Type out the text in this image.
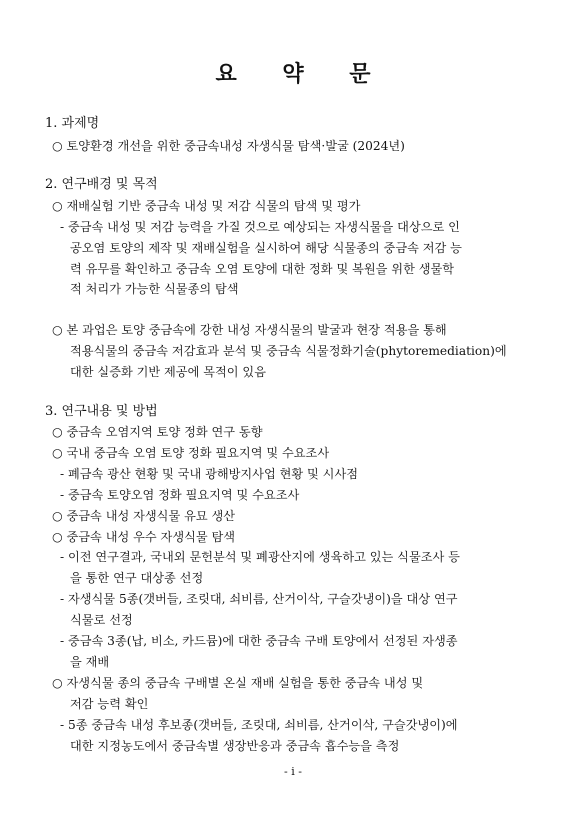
요 약 문
1. 과제명
○ 토양환경 개선을 위한 중금속내성 자생식물 탐색·발굴 (2024년)
2. 연구배경 및 목적
○ 재배실험 기반 중금속 내성 및 저감 식물의 탐색 및 평가
- 중금속 내성 및 저감 능력을 가질 것으로 예상되는 자생식물을 대상으로 인
공오염 토양의 제작 및 재배실험을 실시하여 해당 식물종의 중금속 저감 능
력 유무를 확인하고 중금속 오염 토양에 대한 정화 및 복원을 위한 생물학
적 처리가 가능한 식물종의 탐색
○ 본 과업은 토양 중금속에 강한 내성 자생식물의 발굴과 현장 적용을 통해
적용식물의 중금속 저감효과 분석 및 중금속 식물정화기술(phytoremediation)에
대한 실증화 기반 제공에 목적이 있음
3. 연구내용 및 방법
○ 중금속 오염지역 토양 정화 연구 동향
○ 국내 중금속 오염 토양 정화 필요지역 및 수요조사
- 폐금속 광산 현황 및 국내 광해방지사업 현황 및 시사점
- 중금속 토양오염 정화 필요지역 및 수요조사
○ 중금속 내성 자생식물 유묘 생산
○ 중금속 내성 우수 자생식물 탐색
- 이전 연구결과, 국내외 문헌분석 및 폐광산지에 생육하고 있는 식물조사 등
을 통한 연구 대상종 선정
- 자생식물 5종(갯버들, 조릿대, 쇠비름, 산거이삭, 구슬갓냉이)을 대상 연구
식물로 선정
- 중금속 3종(납, 비소, 카드뮴)에 대한 중금속 구배 토양에서 선정된 자생종
을 재배
○ 자생식물 종의 중금속 구배별 온실 재배 실험을 통한 중금속 내성 및
저감 능력 확인
- 5종 중금속 내성 후보종(갯버들, 조릿대, 쇠비름, 산거이삭, 구슬갓냉이)에
대한 지정농도에서 중금속별 생장반응과 중금속 흡수능을 측정
- i -
